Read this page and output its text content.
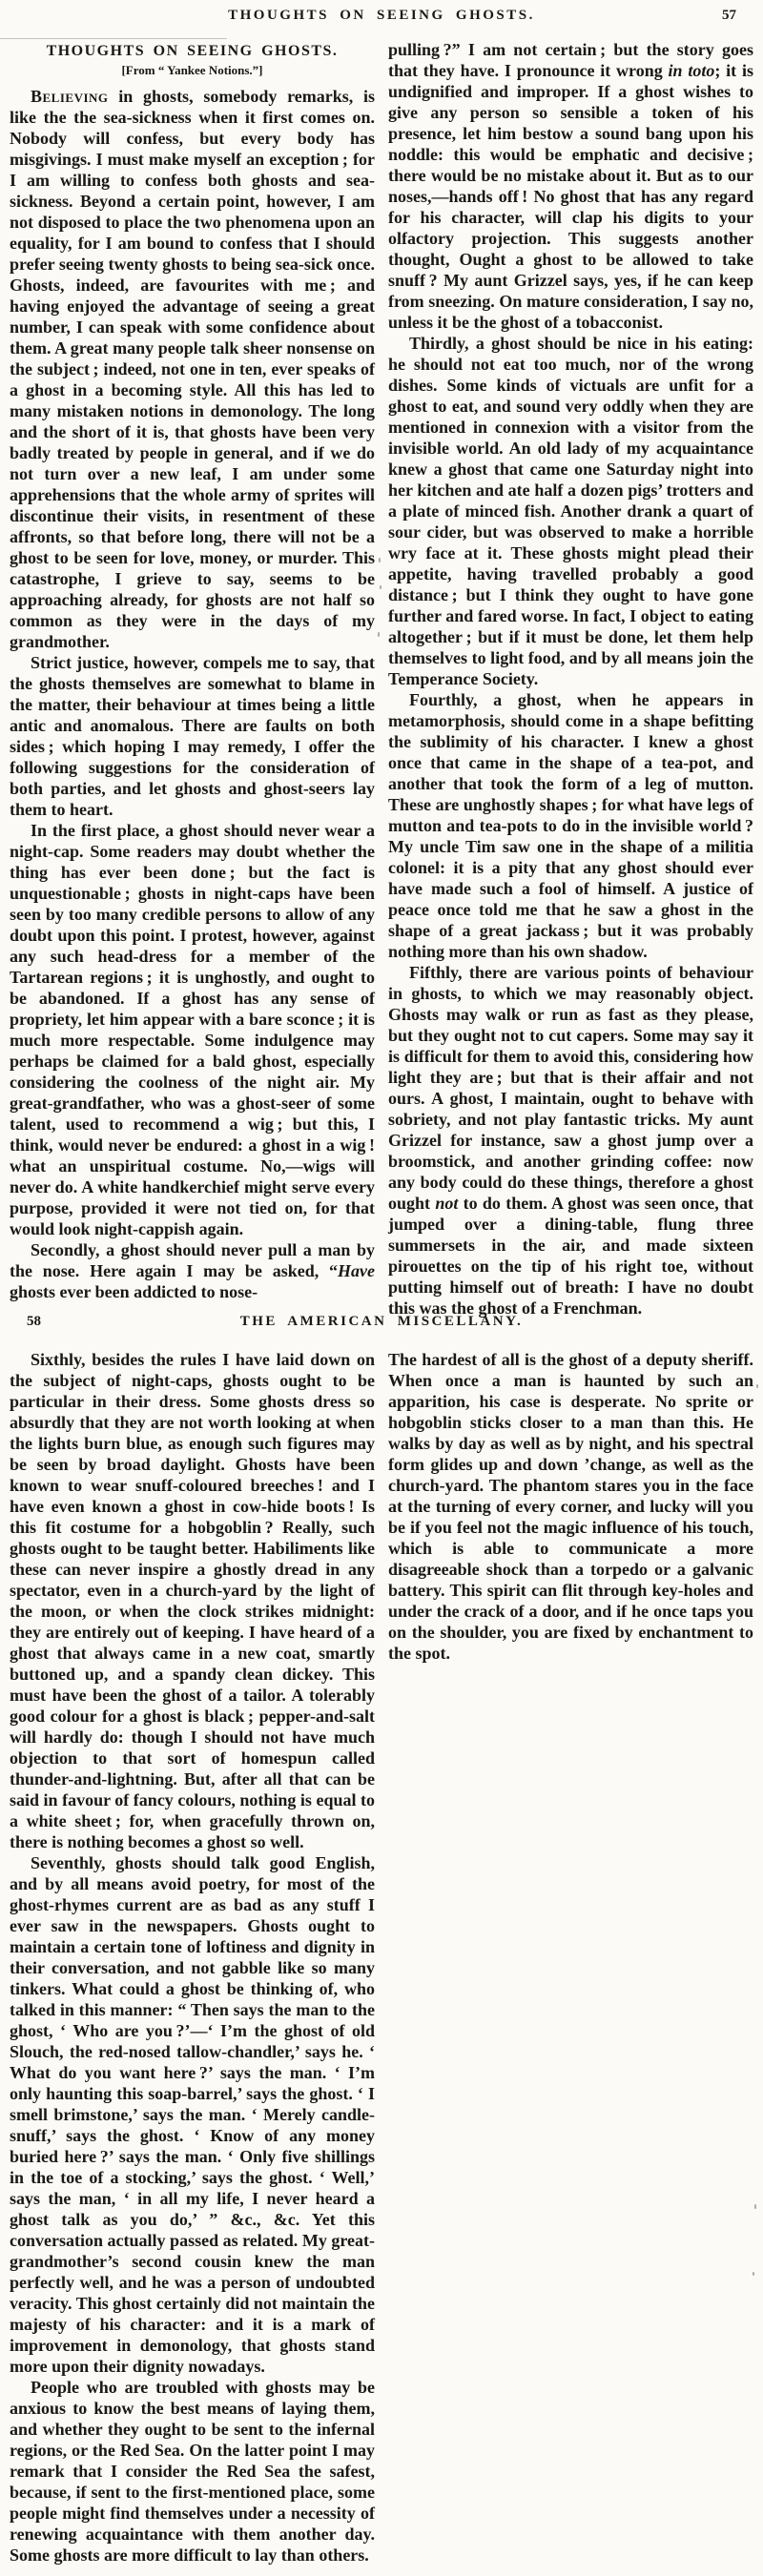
THOUGHTS ON SEEING GHOSTS.	57
THOUGHTS ON SEEING GHOSTS.
[From “ Yankee Notions.”]

Believing in ghosts, somebody remarks, is like the the sea-sickness when it first comes on. Nobody will confess, but every body has misgivings. I must make myself an exception ; for I am willing to confess both ghosts and sea-sickness. Beyond a certain point, however, I am not disposed to place the two phenomena upon an equality, for I am bound to confess that I should prefer seeing twenty ghosts to being sea-sick once. Ghosts, indeed, are favourites with me ; and having enjoyed the advantage of seeing a great number, I can speak with some confidence about them. A great many people talk sheer nonsense on the subject ; indeed, not one in ten, ever speaks of a ghost in a becoming style. All this has led to many mistaken notions in demonology. The long and the short of it is, that ghosts have been very badly treated by people in general, and if we do not turn over a new leaf, I am under some apprehensions that the whole army of sprites will discontinue their visits, in resentment of these affronts, so that before long, there will not be a ghost to be seen for love, money, or murder. This catastrophe, I grieve to say, seems to be approaching already, for ghosts are not half so common as they were in the days of my grandmother.

Strict justice, however, compels me to say, that the ghosts themselves are somewhat to blame in the matter, their behaviour at times being a little antic and anomalous. There are faults on both sides ; which hoping I may remedy, I offer the following suggestions for the consideration of both parties, and let ghosts and ghost-seers lay them to heart.

In the first place, a ghost should never wear a night-cap. Some readers may doubt whether the thing has ever been done ; but the fact is unquestionable ; ghosts in night-caps have been seen by too many credible persons to allow of any doubt upon this point. I protest, however, against any such head-dress for a member of the Tartarean regions ; it is unghostly, and ought to be abandoned. If a ghost has any sense of propriety, let him appear with a bare sconce ; it is much more respectable. Some indulgence may perhaps be claimed for a bald ghost, especially considering the coolness of the night air. My great-grandfather, who was a ghost-seer of some talent, used to recommend a wig ; but this, I think, would never be endured: a ghost in a wig ! what an unspiritual costume. No,—wigs will never do. A white handkerchief might serve every purpose, provided it were not tied on, for that would look night-cappish again.

Secondly, a ghost should never pull a man by the nose. Here again I may be asked, “Have ghosts ever been addicted to nose-

pulling ?” I am not certain ; but the story goes that they have. I pronounce it wrong in toto; it is undignified and improper. If a ghost wishes to give any person so sensible a token of his presence, let him bestow a sound bang upon his noddle: this would be emphatic and decisive ; there would be no mistake about it. But as to our noses,—hands off ! No ghost that has any regard for his character, will clap his digits to your olfactory projection. This suggests another thought, Ought a ghost to be allowed to take snuff ? My aunt Grizzel says, yes, if he can keep from sneezing. On mature consideration, I say no, unless it be the ghost of a tobacconist.

Thirdly, a ghost should be nice in his eating: he should not eat too much, nor of the wrong dishes. Some kinds of victuals are unfit for a ghost to eat, and sound very oddly when they are mentioned in connexion with a visitor from the invisible world. An old lady of my acquaintance knew a ghost that came one Saturday night into her kitchen and ate half a dozen pigs’ trotters and a plate of minced fish. Another drank a quart of sour cider, but was observed to make a horrible wry face at it. These ghosts might plead their appetite, having travelled probably a good distance ; but I think they ought to have gone further and fared worse. In fact, I object to eating altogether ; but if it must be done, let them help themselves to light food, and by all means join the Temperance Society.

Fourthly, a ghost, when he appears in metamorphosis, should come in a shape befitting the sublimity of his character. I knew a ghost once that came in the shape of a tea-pot, and another that took the form of a leg of mutton. These are unghostly shapes ; for what have legs of mutton and tea-pots to do in the invisible world ? My uncle Tim saw one in the shape of a militia colonel: it is a pity that any ghost should ever have made such a fool of himself. A justice of peace once told me that he saw a ghost in the shape of a great jackass ; but it was probably nothing more than his own shadow.

Fifthly, there are various points of behaviour in ghosts, to which we may reasonably object. Ghosts may walk or run as fast as they please, but they ought not to cut capers. Some may say it is difficult for them to avoid this, considering how light they are ; but that is their affair and not ours. A ghost, I maintain, ought to behave with sobriety, and not play fantastic tricks. My aunt Grizzel for instance, saw a ghost jump over a broomstick, and another grinding coffee: now any body could do these things, therefore a ghost ought not to do them. A ghost was seen once, that jumped over a dining-table, flung three summersets in the air, and made sixteen pirouettes on the tip of his right toe, without putting himself out of breath: I have no doubt this was the ghost of a Frenchman.

58	THE AMERICAN MISCELLANY.

Sixthly, besides the rules I have laid down on the subject of night-caps, ghosts ought to be particular in their dress. Some ghosts dress so absurdly that they are not worth looking at when the lights burn blue, as enough such figures may be seen by broad daylight. Ghosts have been known to wear snuff-coloured breeches ! and I have even known a ghost in cow-hide boots ! Is this fit costume for a hobgoblin ? Really, such ghosts ought to be taught better. Habiliments like these can never inspire a ghostly dread in any spectator, even in a church-yard by the light of the moon, or when the clock strikes midnight: they are entirely out of keeping. I have heard of a ghost that always came in a new coat, smartly buttoned up, and a spandy clean dickey. This must have been the ghost of a tailor. A tolerably good colour for a ghost is black ; pepper-and-salt will hardly do: though I should not have much objection to that sort of homespun called thunder-and-lightning. But, after all that can be said in favour of fancy colours, nothing is equal to a white sheet ; for, when gracefully thrown on, there is nothing becomes a ghost so well.

Seventhly, ghosts should talk good English, and by all means avoid poetry, for most of the ghost-rhymes current are as bad as any stuff I ever saw in the newspapers. Ghosts ought to maintain a certain tone of loftiness and dignity in their conversation, and not gabble like so many tinkers. What could a ghost be thinking of, who talked in this manner: “ Then says the man to the ghost, ‘ Who are you ?’—‘ I’m the ghost of old Slouch, the red-nosed tallow-chandler,’ says he. ‘ What do you want here ?’ says the man. ‘ I’m only haunting this soap-barrel,’ says the ghost. ‘ I smell brimstone,’ says the man. ‘ Merely candle-snuff,’ says the ghost. ‘ Know of any money buried here ?’ says the man. ‘ Only five shillings in the toe of a stocking,’ says the ghost. ‘ Well,’ says the man, ‘ in all my life, I never heard a ghost talk as you do,’ ” &c., &c. Yet this conversation actually passed as related. My great-grandmother’s second cousin knew the man perfectly well, and he was a person of undoubted veracity. This ghost certainly did not maintain the majesty of his character: and it is a mark of improvement in demonology, that ghosts stand more upon their dignity nowadays.

People who are troubled with ghosts may be anxious to know the best means of laying them, and whether they ought to be sent to the infernal regions, or the Red Sea. On the latter point I may remark that I consider the Red Sea the safest, because, if sent to the first-mentioned place, some people might find themselves under a necessity of renewing acquaintance with them another day. Some ghosts are more difficult to lay than others.

The hardest of all is the ghost of a deputy sheriff. When once a man is haunted by such an apparition, his case is desperate. No sprite or hobgoblin sticks closer to a man than this. He walks by day as well as by night, and his spectral form glides up and down ’change, as well as the church-yard. The phantom stares you in the face at the turning of every corner, and lucky will you be if you feel not the magic influence of his touch, which is able to communicate a more disagreeable shock than a torpedo or a galvanic battery. This spirit can flit through key-holes and under the crack of a door, and if he once taps you on the shoulder, you are fixed by enchantment to the spot.
